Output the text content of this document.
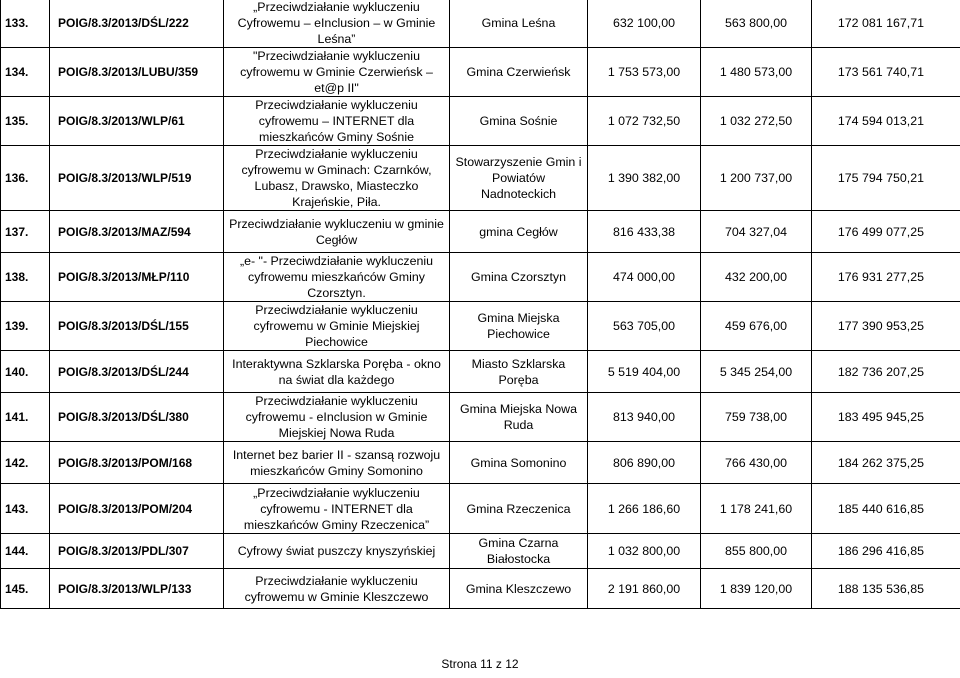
133.	POIG/8.3/2013/DŚL/222	„Przeciwdziałanie wykluczeniu Cyfrowemu – eInclusion – w Gminie Leśna”	Gmina Leśna	632 100,00	563 800,00	172 081 167,71
134.	POIG/8.3/2013/LUBU/359	"Przeciwdziałanie wykluczeniu cyfrowemu w Gminie Czerwieńsk – et@p II"	Gmina Czerwieńsk	1 753 573,00	1 480 573,00	173 561 740,71
135.	POIG/8.3/2013/WLP/61	Przeciwdziałanie wykluczeniu cyfrowemu – INTERNET dla mieszkańców Gminy Sośnie	Gmina Sośnie	1 072 732,50	1 032 272,50	174 594 013,21
136.	POIG/8.3/2013/WLP/519	Przeciwdziałanie wykluczeniu cyfrowemu w Gminach: Czarnków, Lubasz, Drawsko, Miasteczko Krajeńskie, Piła.	Stowarzyszenie Gmin i Powiatów Nadnoteckich	1 390 382,00	1 200 737,00	175 794 750,21
137.	POIG/8.3/2013/MAZ/594	Przeciwdziałanie wykluczeniu w gminie Cegłów	gmina Cegłów	816 433,38	704 327,04	176 499 077,25
138.	POIG/8.3/2013/MŁP/110	„e- "- Przeciwdziałanie wykluczeniu cyfrowemu mieszkańców Gminy Czorsztyn.	Gmina Czorsztyn	474 000,00	432 200,00	176 931 277,25
139.	POIG/8.3/2013/DŚL/155	Przeciwdziałanie wykluczeniu cyfrowemu w Gminie Miejskiej Piechowice	Gmina Miejska Piechowice	563 705,00	459 676,00	177 390 953,25
140.	POIG/8.3/2013/DŚL/244	Interaktywna Szklarska Poręba - okno na świat dla każdego	Miasto Szklarska Poręba	5 519 404,00	5 345 254,00	182 736 207,25
141.	POIG/8.3/2013/DŚL/380	Przeciwdziałanie wykluczeniu cyfrowemu - eInclusion w Gminie Miejskiej Nowa Ruda	Gmina Miejska Nowa Ruda	813 940,00	759 738,00	183 495 945,25
142.	POIG/8.3/2013/POM/168	Internet bez barier II - szansą rozwoju mieszkańców Gminy Somonino	Gmina Somonino	806 890,00	766 430,00	184 262 375,25
143.	POIG/8.3/2013/POM/204	„Przeciwdziałanie wykluczeniu cyfrowemu - INTERNET dla mieszkańców Gminy Rzeczenica”	Gmina Rzeczenica	1 266 186,60	1 178 241,60	185 440 616,85
144.	POIG/8.3/2013/PDL/307	Cyfrowy świat puszczy knyszyńskiej	Gmina Czarna Białostocka	1 032 800,00	855 800,00	186 296 416,85
145.	POIG/8.3/2013/WLP/133	Przeciwdziałanie wykluczeniu cyfrowemu w Gminie Kleszczewo	Gmina Kleszczewo	2 191 860,00	1 839 120,00	188 135 536,85
Strona 11 z 12
